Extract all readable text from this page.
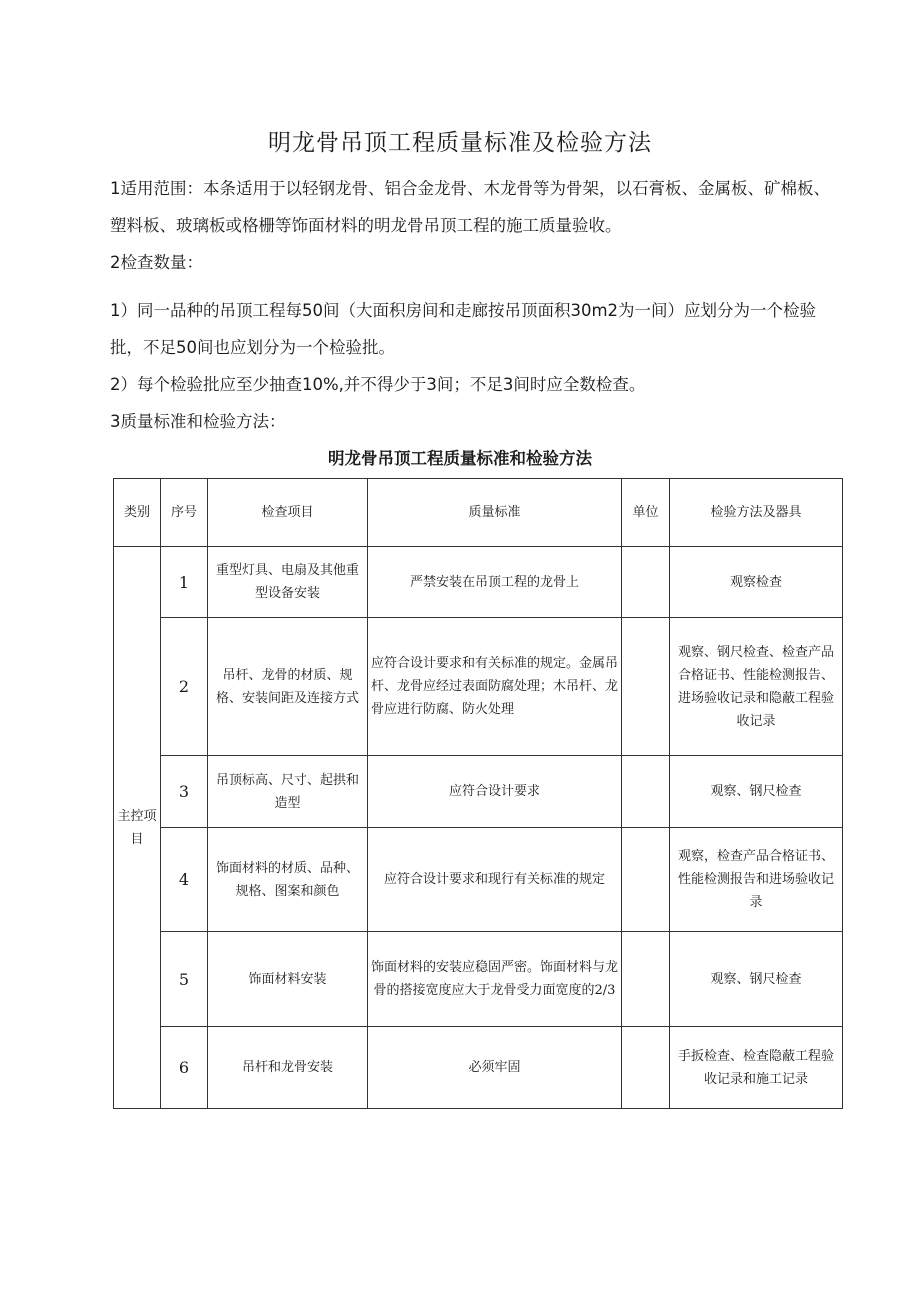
明龙骨吊顶工程质量标准及检验方法
1适用范围：本条适用于以轻钢龙骨、铝合金龙骨、木龙骨等为骨架，以石膏板、金属板、矿棉板、塑料板、玻璃板或格栅等饰面材料的明龙骨吊顶工程的施工质量验收。
2检查数量：
1）同一品种的吊顶工程每50间（大面积房间和走廊按吊顶面积30m2为一间）应划分为一个检验批，不足50间也应划分为一个检验批。
2）每个检验批应至少抽查10%,并不得少于3间；不足3间时应全数检查。
3质量标准和检验方法：
明龙骨吊顶工程质量标准和检验方法
类别	序号	检查项目	质量标准	单位	检验方法及器具
主控项目	1	重型灯具、电扇及其他重型设备安装	严禁安装在吊顶工程的龙骨上		观察检查
	2	吊杆、龙骨的材质、规格、安装间距及连接方式	应符合设计要求和有关标准的规定。金属吊杆、龙骨应经过表面防腐处理；木吊杆、龙骨应进行防腐、防火处理		观察、钢尺检查、检查产品合格证书、性能检测报告、进场验收记录和隐蔽工程验收记录
	3	吊顶标高、尺寸、起拱和造型	应符合设计要求		观察、钢尺检查
	4	饰面材料的材质、品种、规格、图案和颜色	应符合设计要求和现行有关标准的规定		观察，检查产品合格证书、性能检测报告和进场验收记录
	5	饰面材料安装	饰面材料的安装应稳固严密。饰面材料与龙骨的搭接宽度应大于龙骨受力面宽度的2/3		观察、钢尺检查
	6	吊杆和龙骨安装	必须牢固		手扳检查、检查隐蔽工程验收记录和施工记录
